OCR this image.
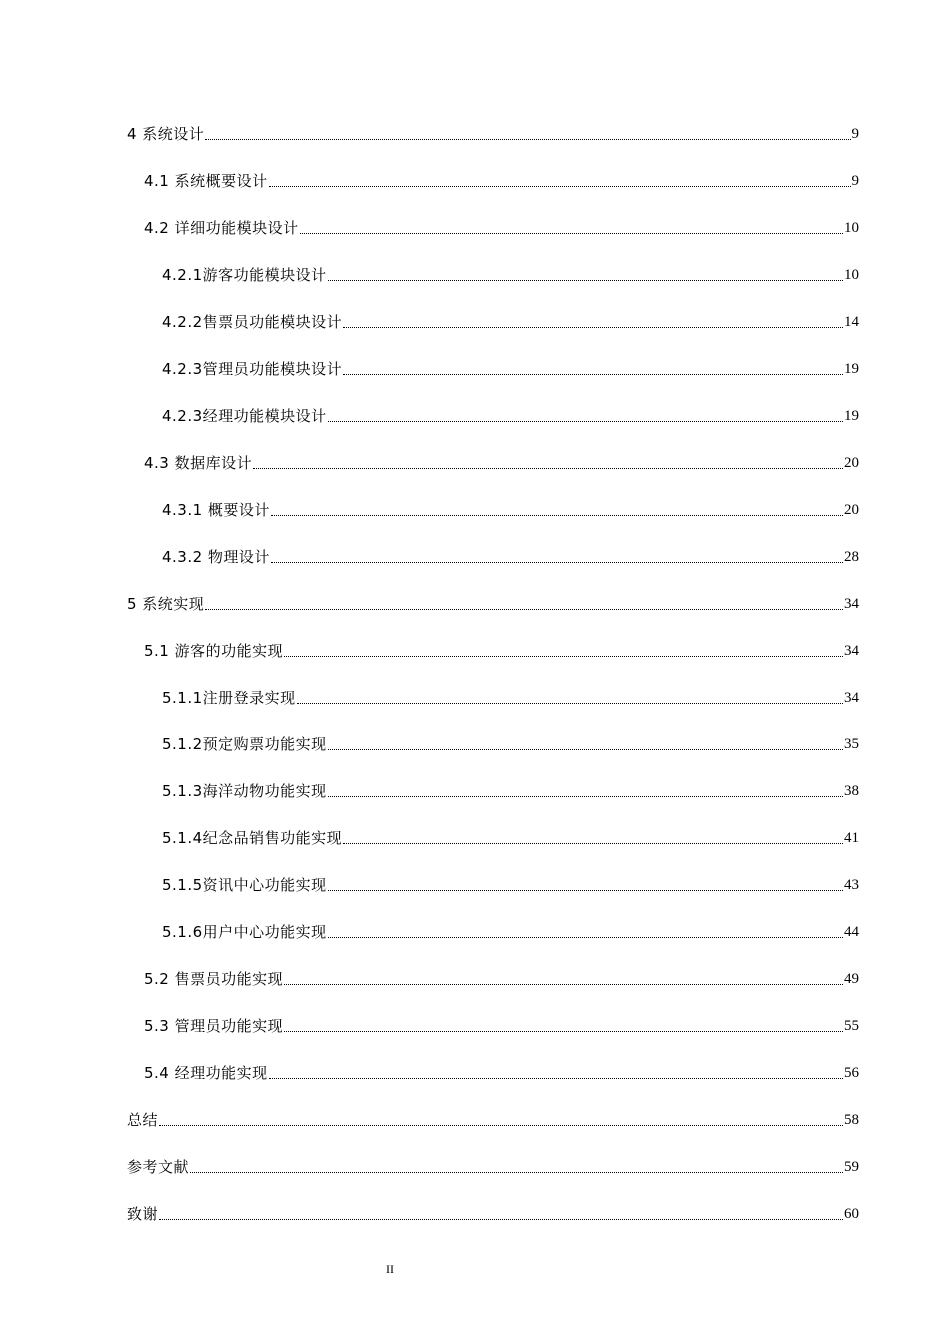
4 系统设计	9
4.1 系统概要设计	9
4.2 详细功能模块设计	10
4.2.1游客功能模块设计	10
4.2.2售票员功能模块设计	14
4.2.3管理员功能模块设计	19
4.2.3经理功能模块设计	19
4.3 数据库设计	20
4.3.1 概要设计	20
4.3.2 物理设计	28
5 系统实现	34
5.1 游客的功能实现	34
5.1.1注册登录实现	34
5.1.2预定购票功能实现	35
5.1.3海洋动物功能实现	38
5.1.4纪念品销售功能实现	41
5.1.5资讯中心功能实现	43
5.1.6用户中心功能实现	44
5.2 售票员功能实现	49
5.3 管理员功能实现	55
5.4 经理功能实现	56
总结	58
参考文献	59
致谢	60
II
